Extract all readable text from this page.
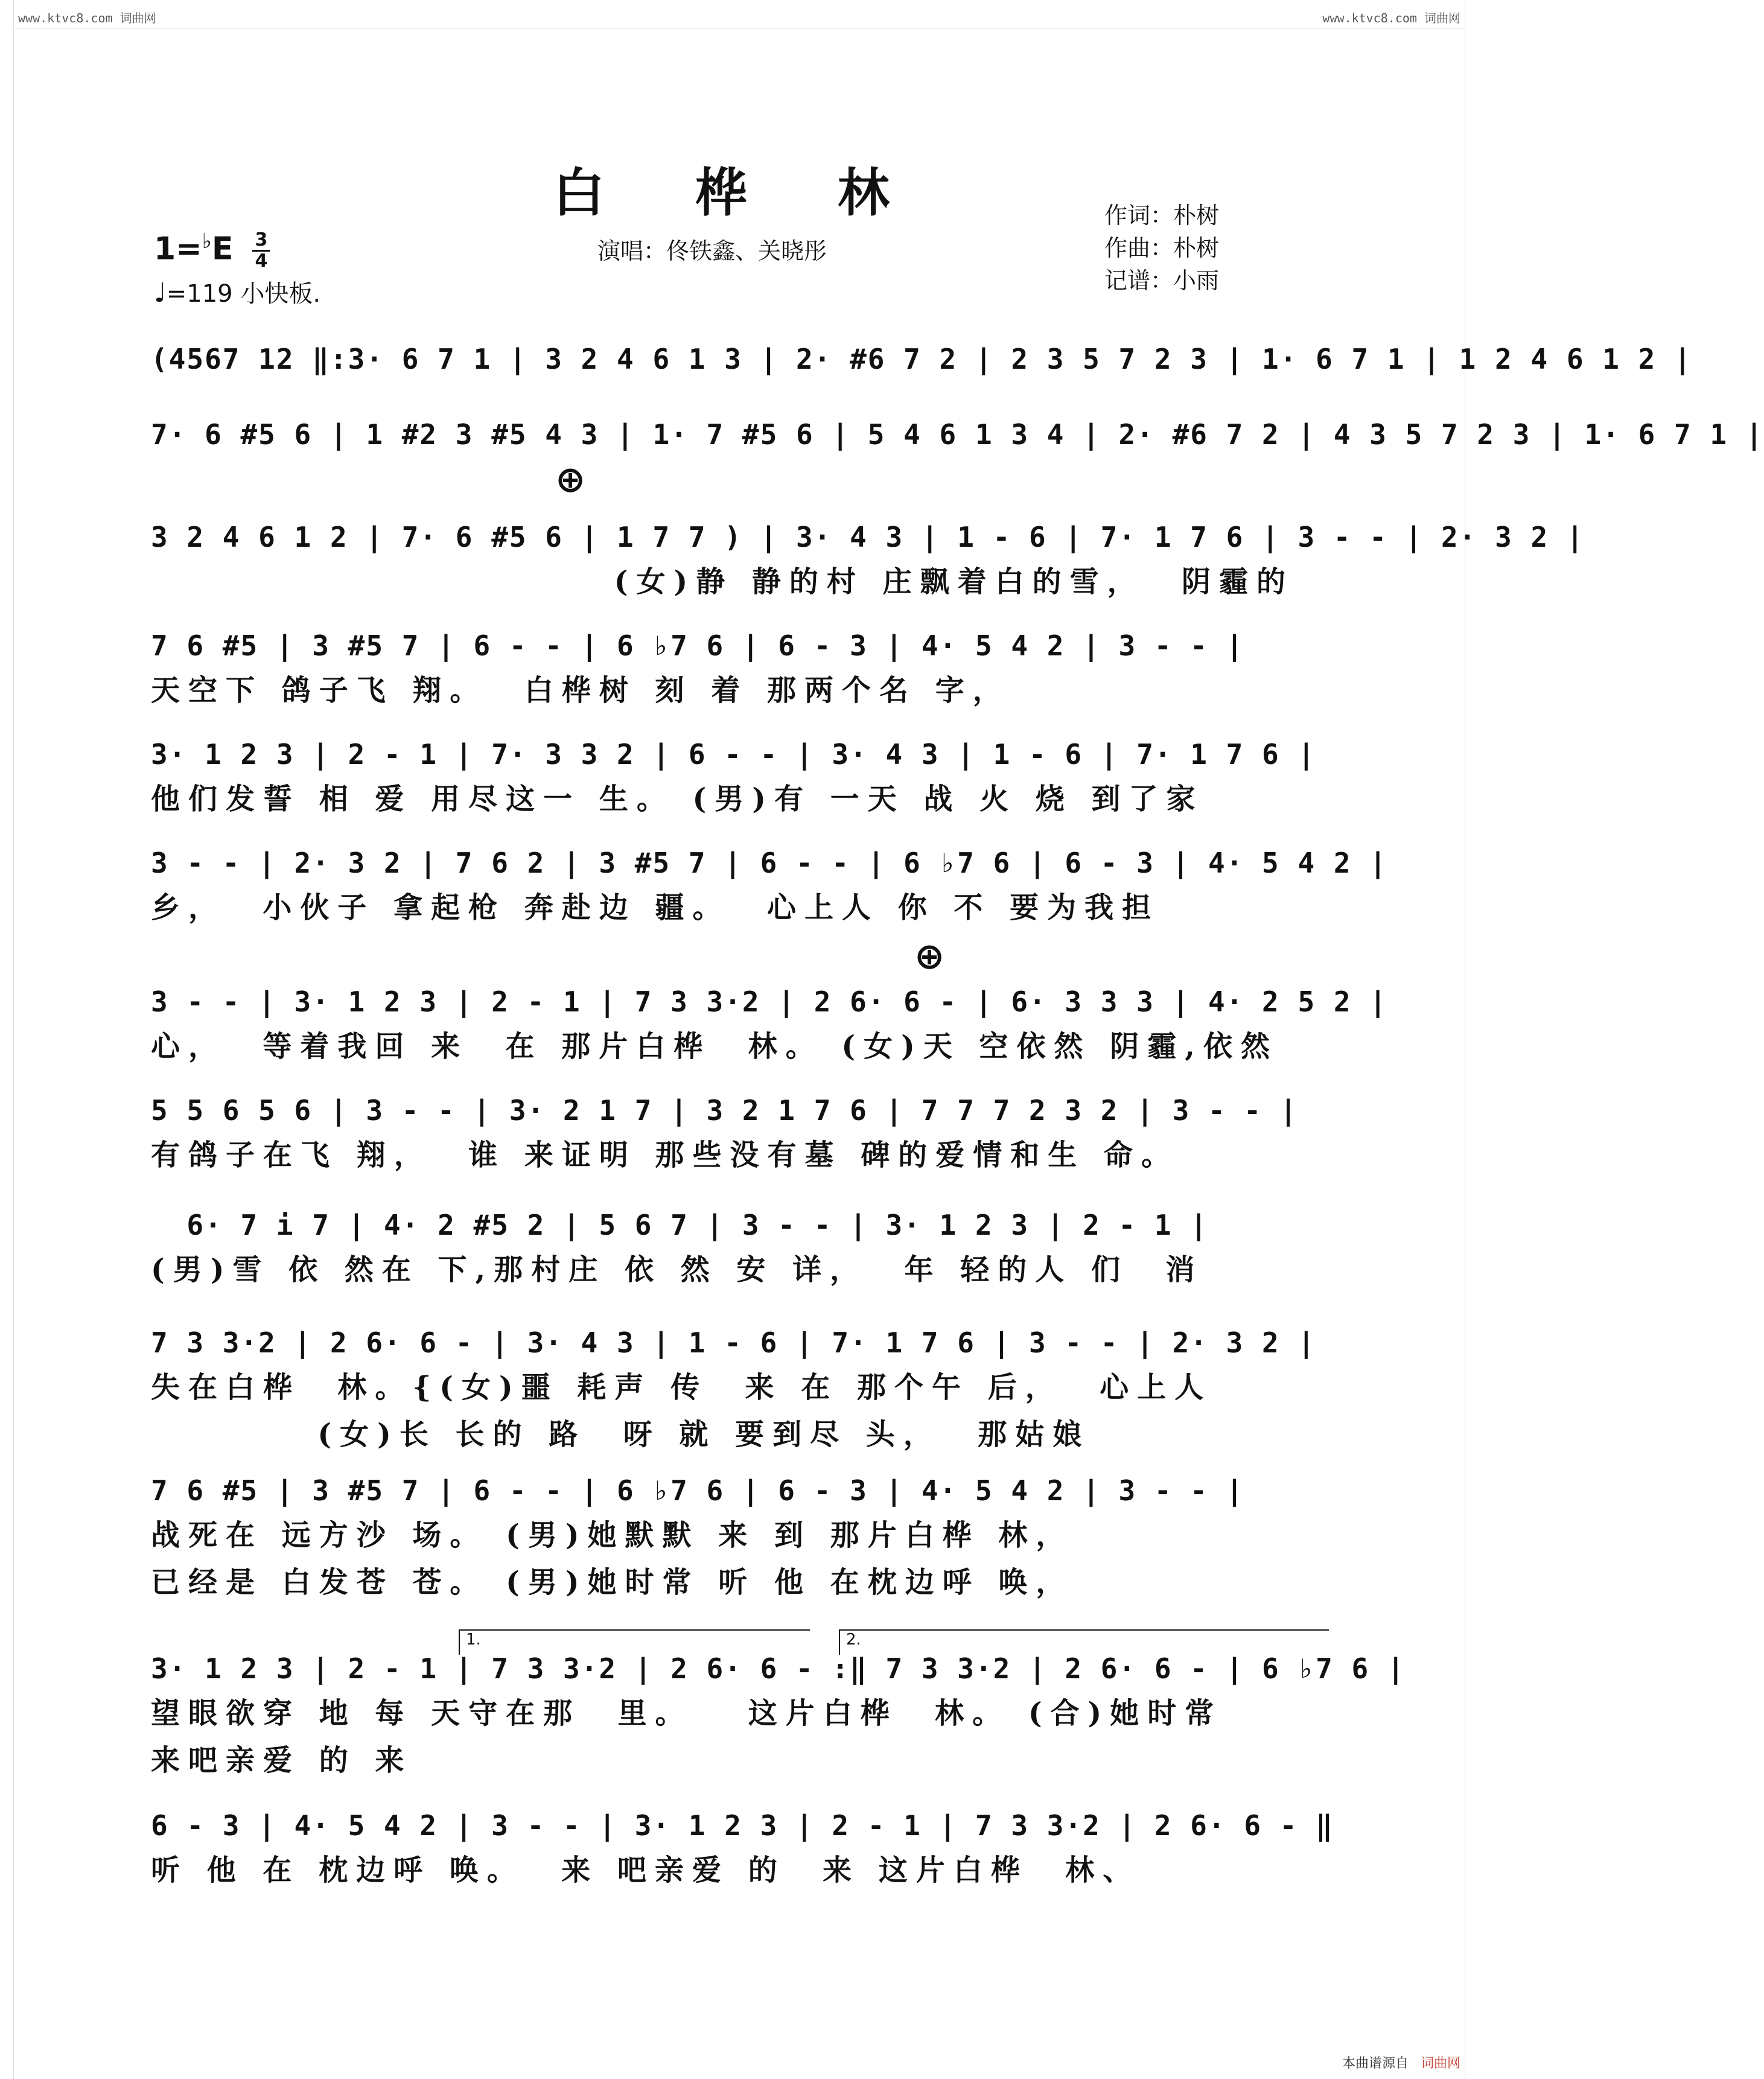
www.ktvc8.com 词曲网	www.ktvc8.com 词曲网
白 桦 林
$1=^♭E \frac{3}{4}$
♩=119 小快板.
演唱：佟铁鑫、关晓彤
作词：朴树
作曲：朴树
记谱：小雨
⊕
⊕
1.	2.
(4567 12 ‖:3· 6 7 1 | 3 2 4 6 1 3 | 2· #6 7 2 | 2 3 5 7 2 3 | 1· 6 7 1 | 1 2 4 6 1 2 |
7· 6 #5 6 | 1 #2 3 #5 4 3 | 1· 7 #5 6 | 5 4 6 1 3 4 | 2· #6 7 2 | 4 3 5 7 2 3 | 1· 6 7 1 |
3 2 4 6 1 2 | 7· 6 #5 6 | 1 7 7 ) | 3· 4 3 | 1 - 6 | 7· 1 7 6 | 3 - - | 2· 3 2 |
(女)静 静的村 庄飘着白的雪，  阴霾的
7 6 #5 | 3 #5 7 | 6 - - | 6 ♭7 6 | 6 - 3 | 4· 5 4 2 | 3 - - |
天空下 鸽子飞 翔。  白桦树 刻 着 那两个名 字，
3· 1 2 3 | 2 - 1 | 7· 3 3 2 | 6 - - | 3· 4 3 | 1 - 6 | 7· 1 7 6 |
他们发誓 相 爱 用尽这一 生。 (男)有 一天 战 火 烧 到了家
3 - - | 2· 3 2 | 7 6 2 | 3 #5 7 | 6 - - | 6 ♭7 6 | 6 - 3 | 4· 5 4 2 |
乡，  小伙子 拿起枪 奔赴边 疆。  心上人 你 不 要为我担
3 - - | 3· 1 2 3 | 2 - 1 | 7 3 3·2 | 2 6· 6 - | 6· 3 3 3 | 4· 2 5 2 |
心，  等着我回 来  在 那片白桦  林。 (女)天 空依然 阴霾,依然
5 5 6 5 6 | 3 - - | 3· 2 1 7 | 3 2 1 7 6 | 7 7 7 2 3 2 | 3 - - |
有鸽子在飞 翔，  谁 来证明 那些没有墓 碑的爱情和生 命。
6· 7 i 7 | 4· 2 #5 2 | 5 6 7 | 3 - - | 3· 1 2 3 | 2 - 1 |
(男)雪 依 然在 下,那村庄 依 然 安 详，  年 轻的人 们  消
7 3 3·2 | 2 6· 6 - | 3· 4 3 | 1 - 6 | 7· 1 7 6 | 3 - - | 2· 3 2 |
失在白桦  林。{(女)噩 耗声 传  来 在 那个午 后，  心上人
(女)长 长的 路  呀 就 要到尽 头，  那姑娘
7 6 #5 | 3 #5 7 | 6 - - | 6 ♭7 6 | 6 - 3 | 4· 5 4 2 | 3 - - |
战死在 远方沙 场。 (男)她默默 来 到 那片白桦 林，
已经是 白发苍 苍。 (男)她时常 听 他 在枕边呼 唤，
3· 1 2 3 | 2 - 1 | 7 3 3·2 | 2 6· 6 - :‖ 7 3 3·2 | 2 6· 6 - | 6 ♭7 6 |
望眼欲穿 地 每 天守在那  里。   这片白桦  林。 (合)她时常
来吧亲爱 的 来
6 - 3 | 4· 5 4 2 | 3 - - | 3· 1 2 3 | 2 - 1 | 7 3 3·2 | 2 6· 6 - ‖
听 他 在 枕边呼 唤。  来 吧亲爱 的  来 这片白桦  林、
本曲谱源自 词曲网
